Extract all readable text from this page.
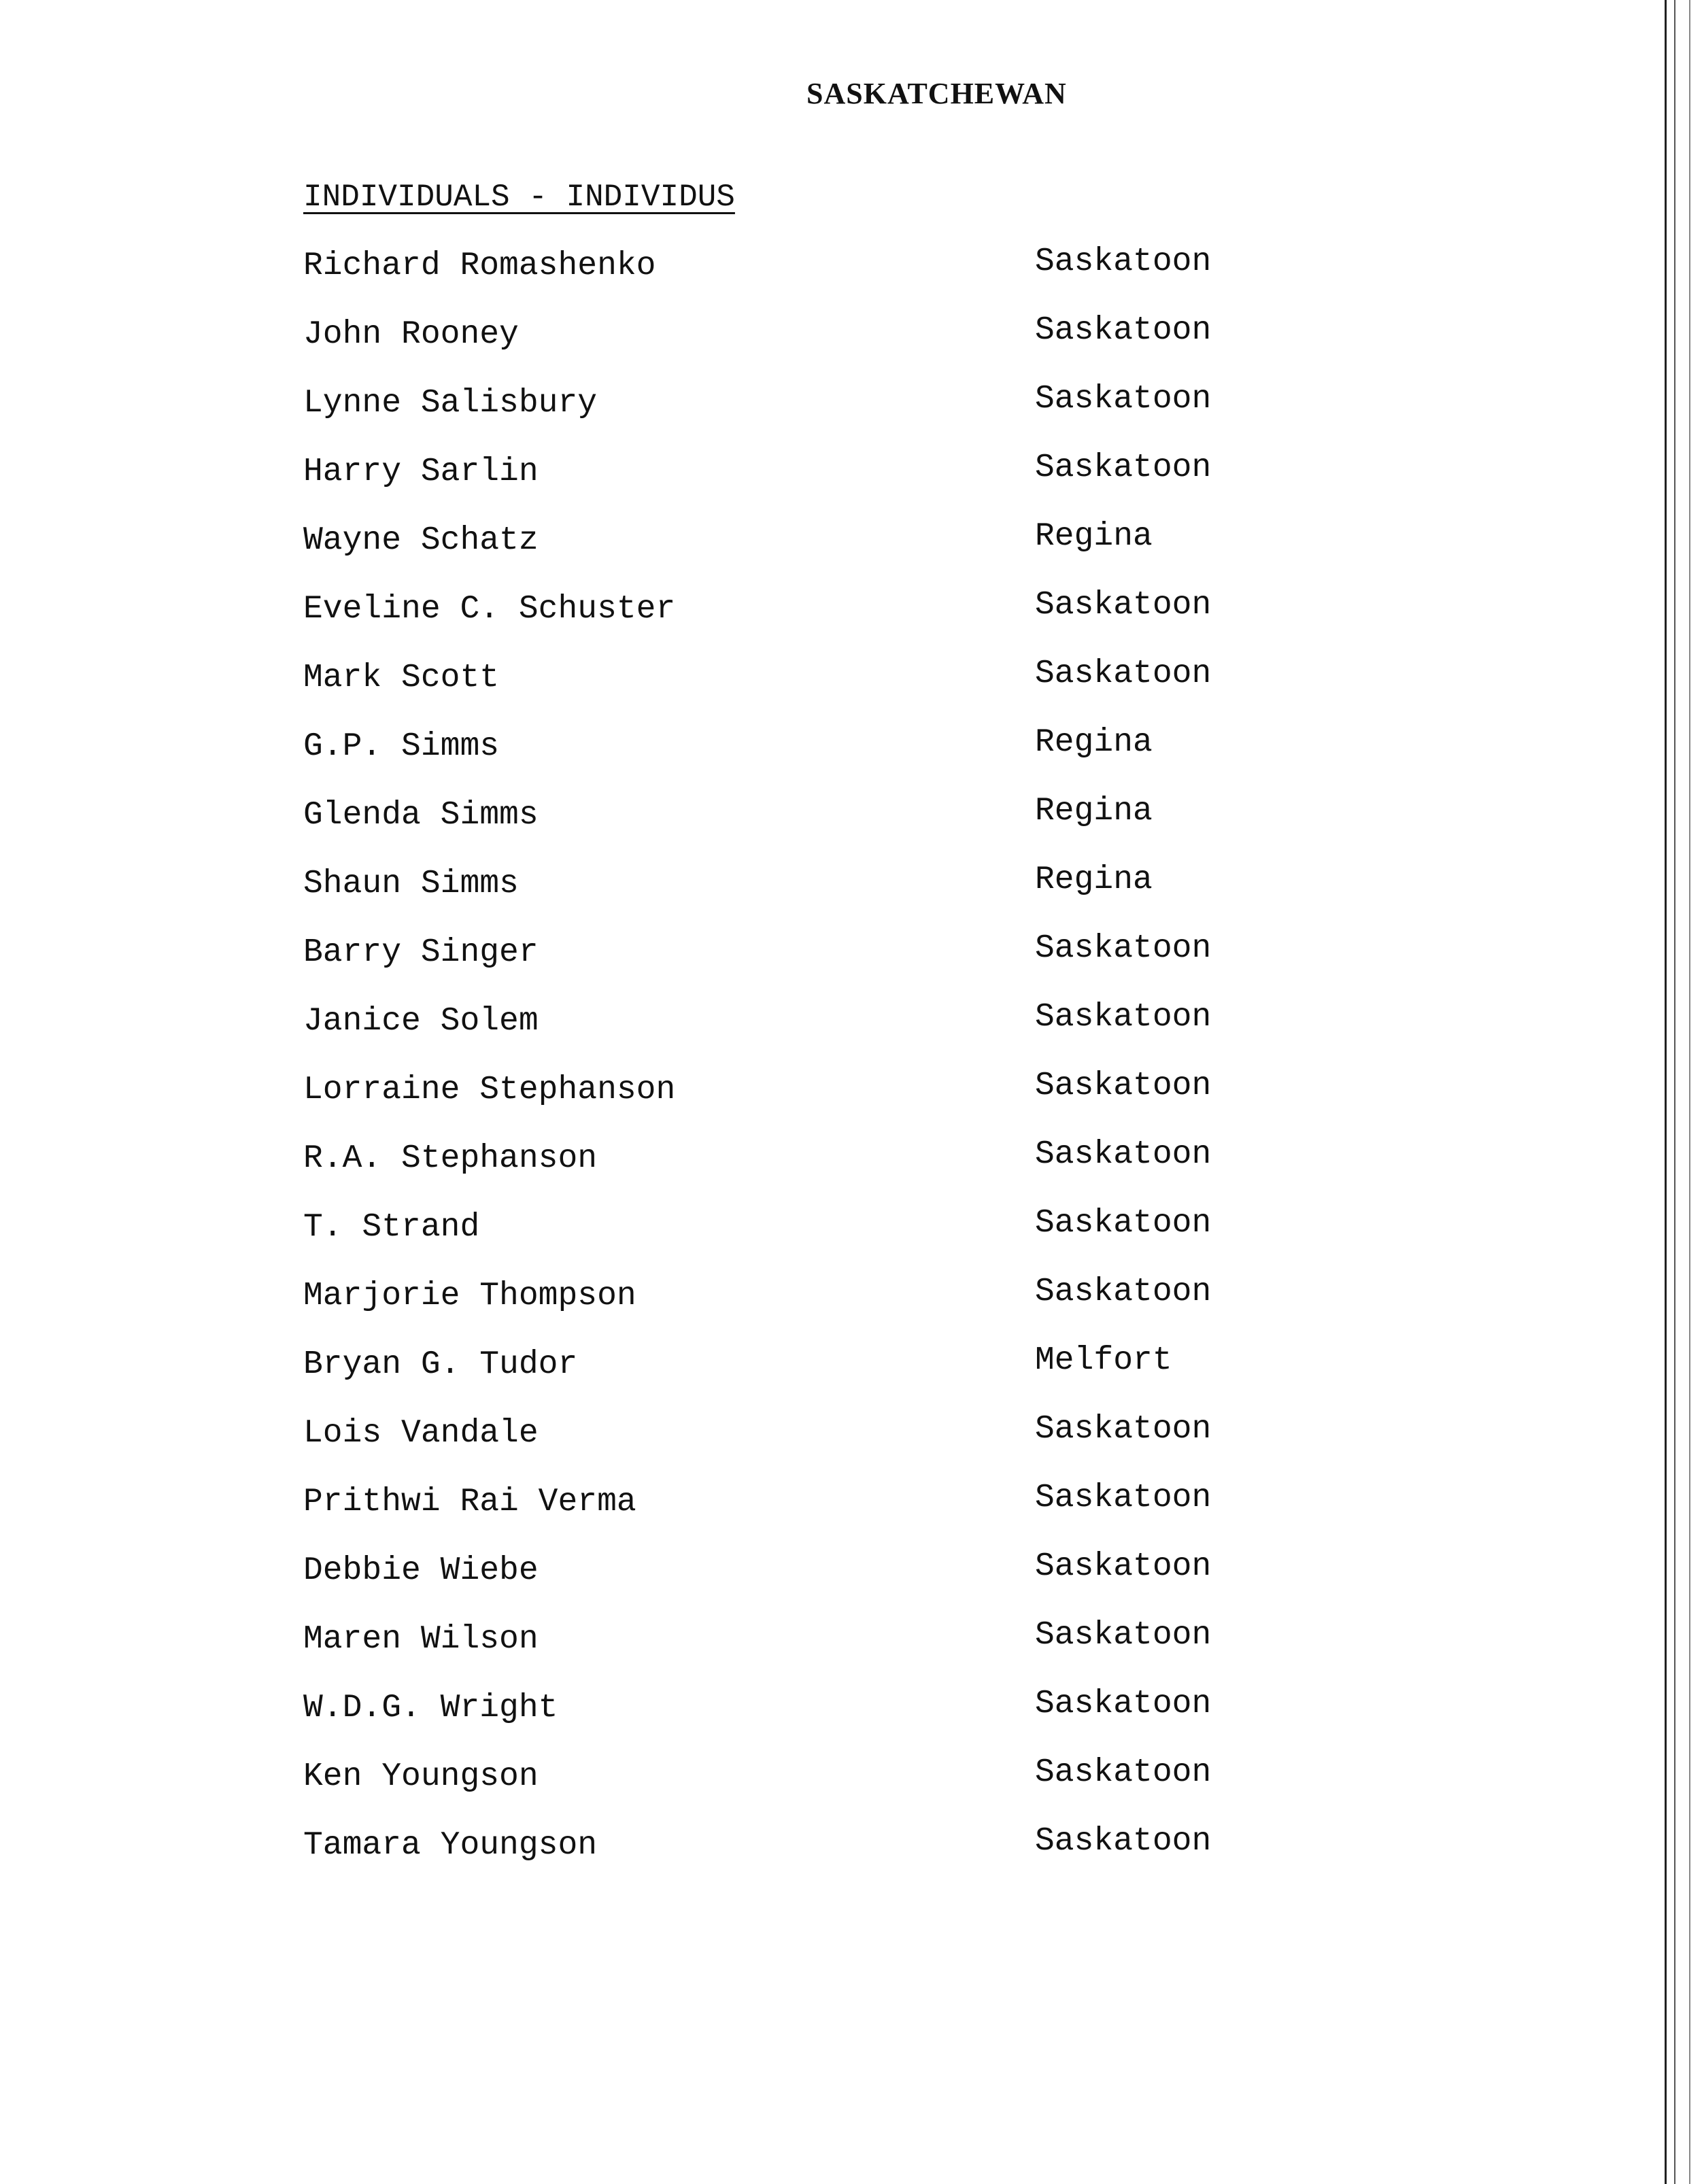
SASKATCHEWAN
INDIVIDUALS - INDIVIDUS
Richard Romashenko	Saskatoon
John Rooney	Saskatoon
Lynne Salisbury	Saskatoon
Harry Sarlin	Saskatoon
Wayne Schatz	Regina
Eveline C. Schuster	Saskatoon
Mark Scott	Saskatoon
G.P. Simms	Regina
Glenda Simms	Regina
Shaun Simms	Regina
Barry Singer	Saskatoon
Janice Solem	Saskatoon
Lorraine Stephanson	Saskatoon
R.A. Stephanson	Saskatoon
T. Strand	Saskatoon
Marjorie Thompson	Saskatoon
Bryan G. Tudor	Melfort
Lois Vandale	Saskatoon
Prithwi Rai Verma	Saskatoon
Debbie Wiebe	Saskatoon
Maren Wilson	Saskatoon
W.D.G. Wright	Saskatoon
Ken Youngson	Saskatoon
Tamara Youngson	Saskatoon
